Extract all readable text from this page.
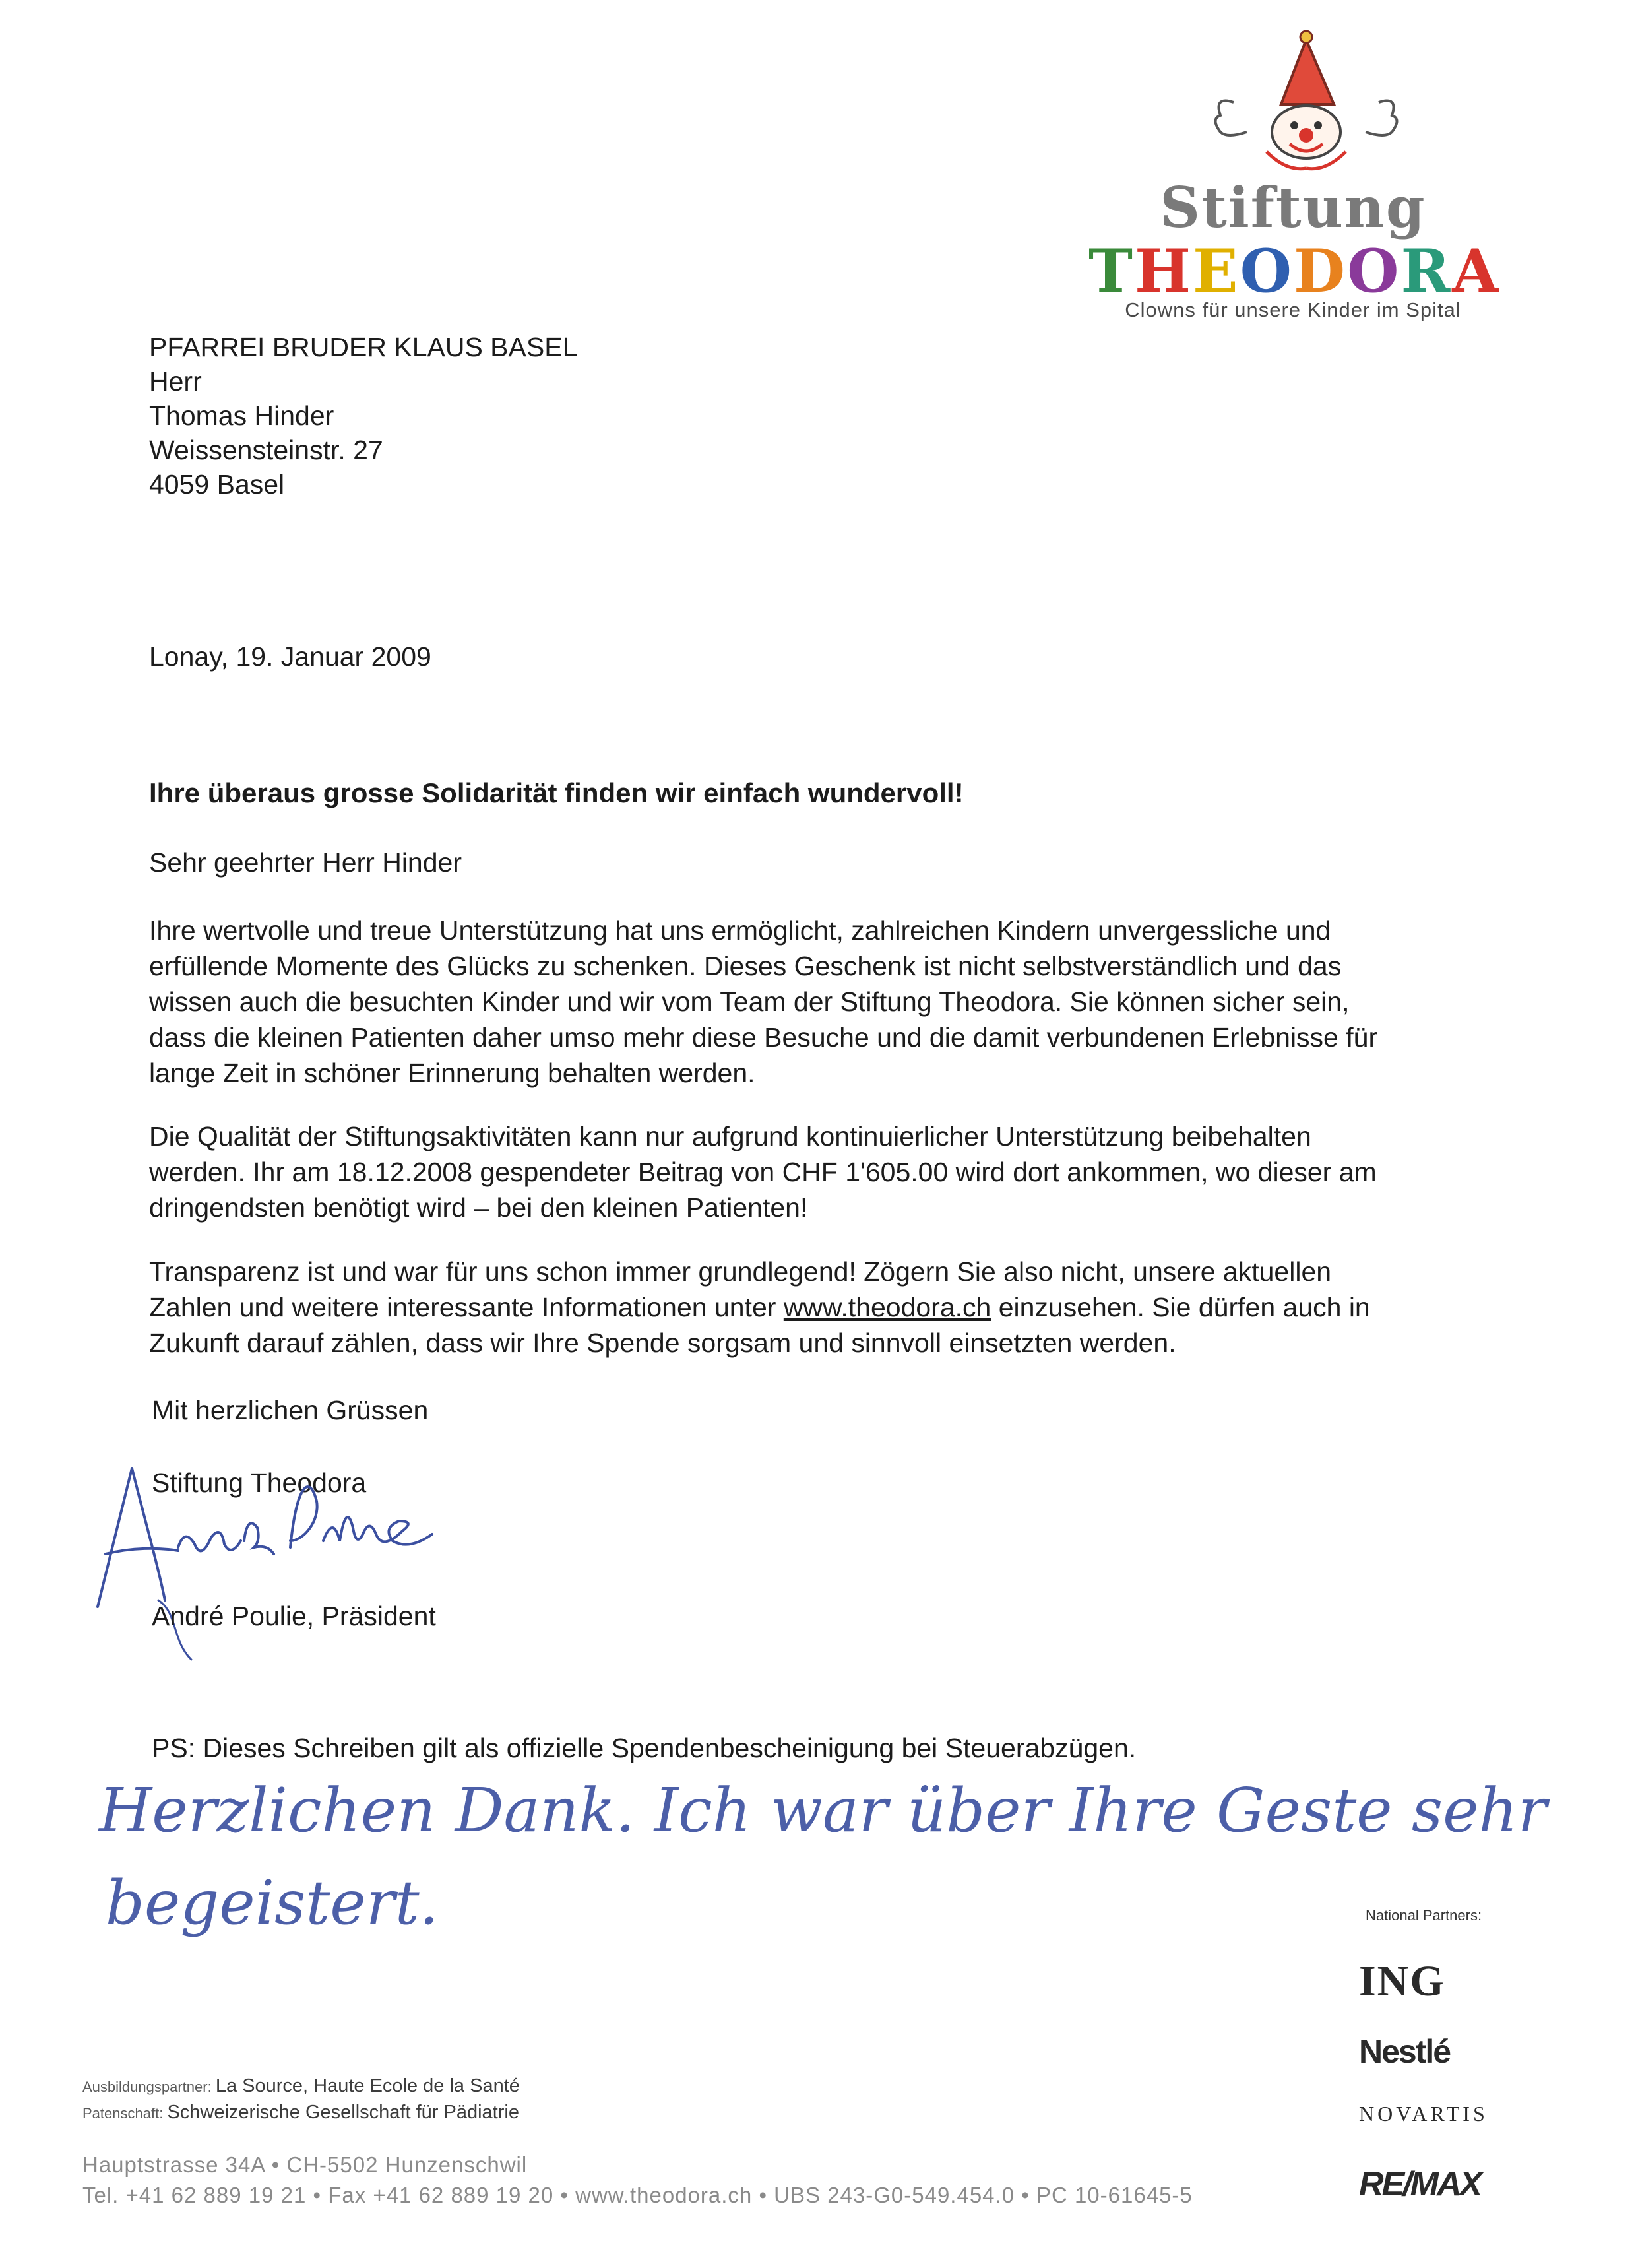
Stiftung
THEODORA
Clowns für unsere Kinder im Spital
PFARREI BRUDER KLAUS BASEL
Herr
Thomas Hinder
Weissensteinstr. 27
4059 Basel
Lonay, 19. Januar 2009
Ihre überaus grosse Solidarität finden wir einfach wundervoll!
Sehr geehrter Herr Hinder
Ihre wertvolle und treue Unterstützung hat uns ermöglicht, zahlreichen Kindern unvergessliche und erfüllende Momente des Glücks zu schenken. Dieses Geschenk ist nicht selbstverständlich und das wissen auch die besuchten Kinder und wir vom Team der Stiftung Theodora. Sie können sicher sein, dass die kleinen Patienten daher umso mehr diese Besuche und die damit verbundenen Erlebnisse für lange Zeit in schöner Erinnerung behalten werden.
Die Qualität der Stiftungsaktivitäten kann nur aufgrund kontinuierlicher Unterstützung beibehalten werden. Ihr am 18.12.2008 gespendeter Beitrag von CHF 1'605.00 wird dort ankommen, wo dieser am dringendsten benötigt wird – bei den kleinen Patienten!
Transparenz ist und war für uns schon immer grundlegend! Zögern Sie also nicht, unsere aktuellen Zahlen und weitere interessante Informationen unter www.theodora.ch einzusehen. Sie dürfen auch in Zukunft darauf zählen, dass wir Ihre Spende sorgsam und sinnvoll einsetzten werden.
Mit herzlichen Grüssen
Stiftung Theodora
André Poulie, Präsident
PS: Dieses Schreiben gilt als offizielle Spendenbescheinigung bei Steuerabzügen.
Herzlichen Dank. Ich war über Ihre Geste sehr
begeistert.	National Partners:
ING
Nestlé
NOVARTIS
RE/MAX
Ausbildungspartner: La Source, Haute Ecole de la Santé
Patenschaft: Schweizerische Gesellschaft für Pädiatrie
Hauptstrasse 34A • CH-5502 Hunzenschwil
Tel. +41 62 889 19 21 • Fax +41 62 889 19 20 • www.theodora.ch • UBS 243-G0-549.454.0 • PC 10-61645-5
